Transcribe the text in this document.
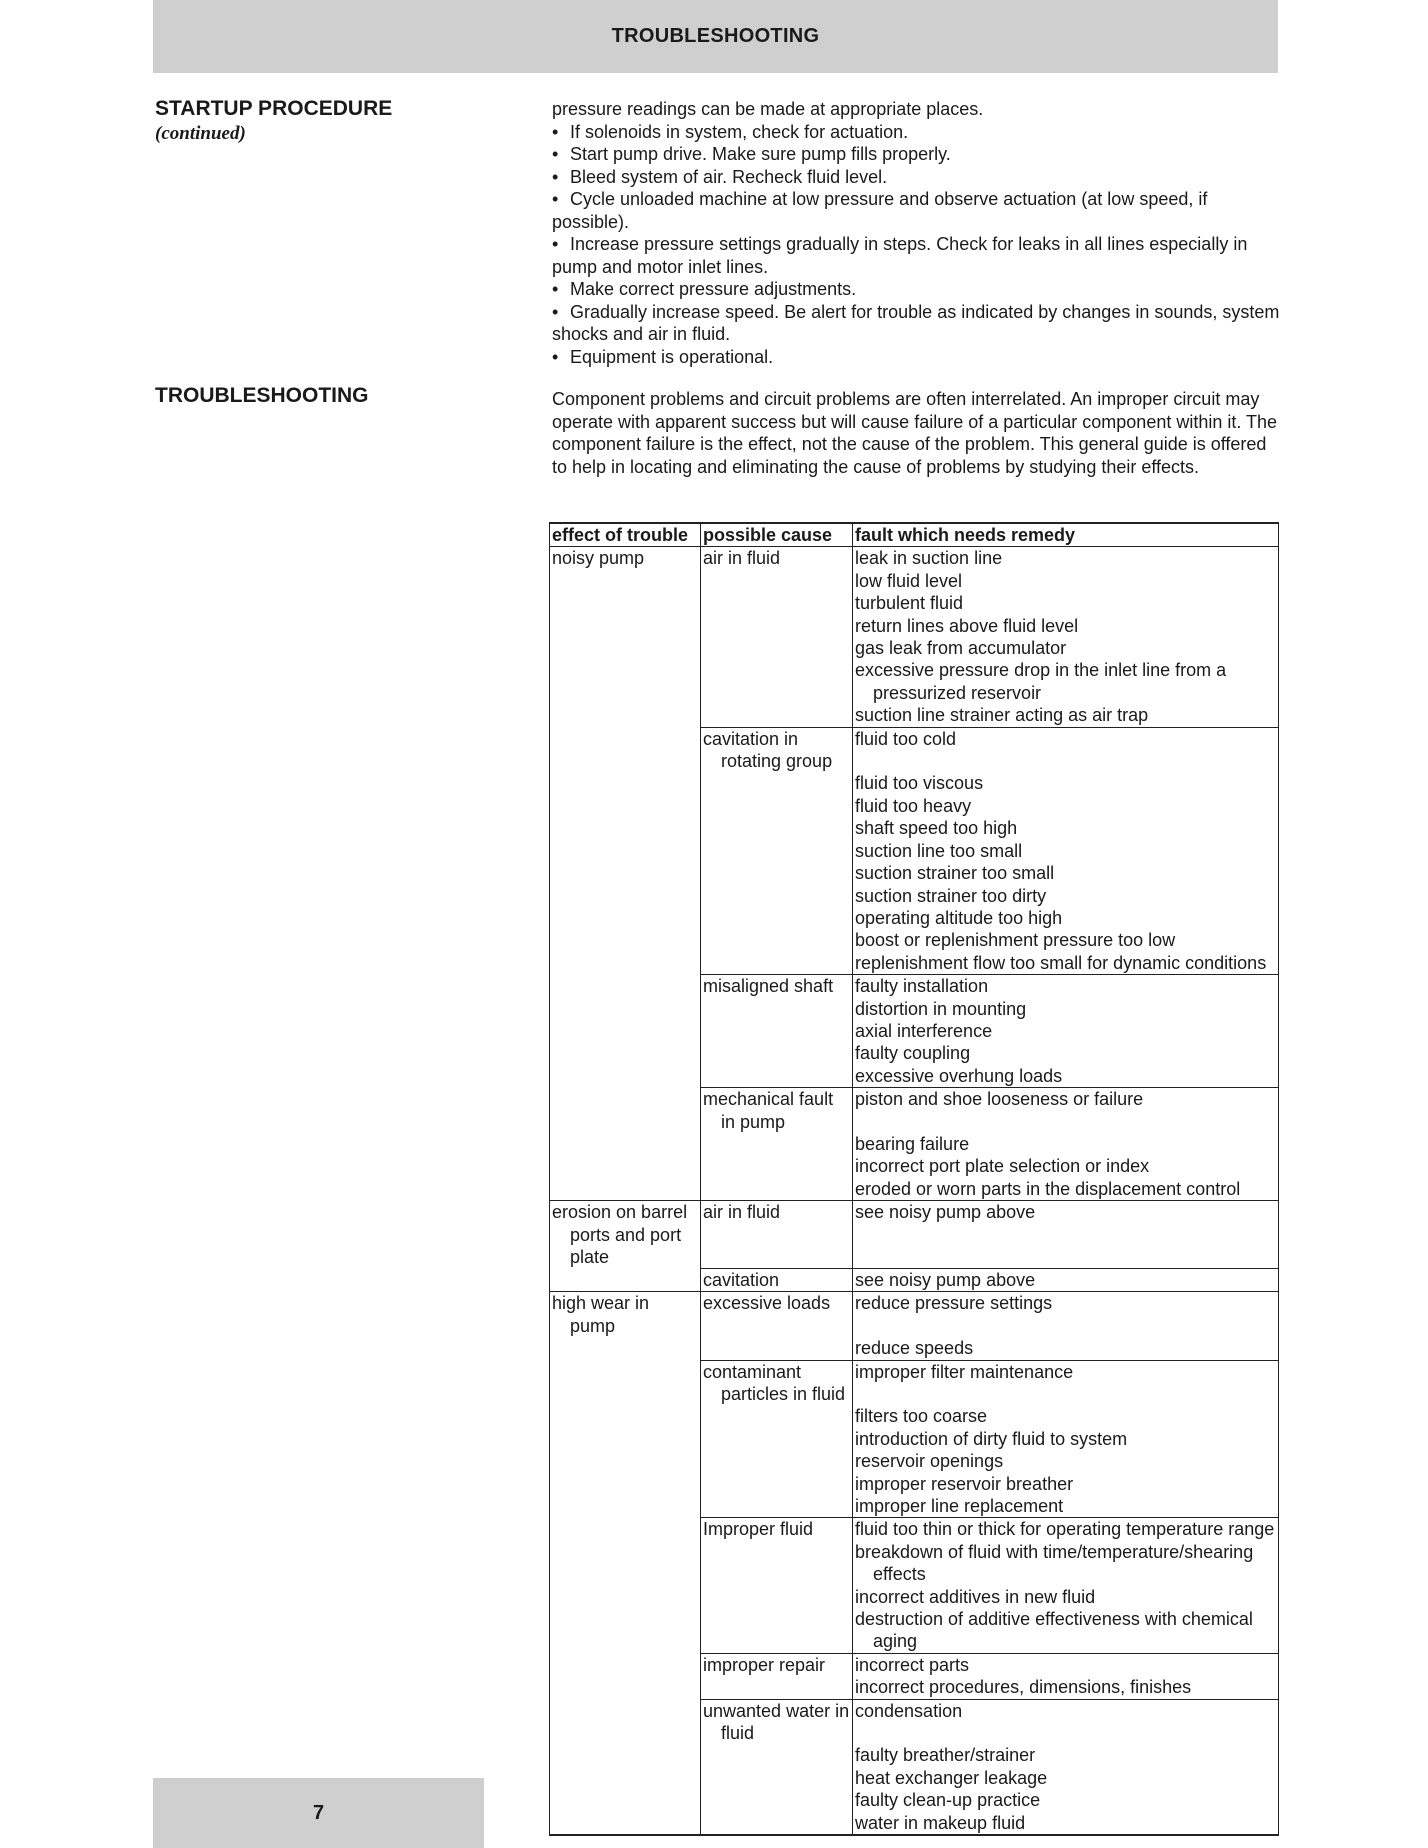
TROUBLESHOOTING
STARTUP PROCEDURE
(continued)

pressure readings can be made at appropriate places.

• If solenoids in system, check for actuation.
• Start pump drive. Make sure pump fills properly.
• Bleed system of air. Recheck fluid level.
• Cycle unloaded machine at low pressure and observe actuation (at low speed, if possible).
• Increase pressure settings gradually in steps. Check for leaks in all lines especially in pump and motor inlet lines.
• Make correct pressure adjustments.
• Gradually increase speed. Be alert for trouble as indicated by changes in sounds, system shocks and air in fluid.
• Equipment is operational.
TROUBLESHOOTING	Component problems and circuit problems are often interrelated. An improper circuit may operate with apparent success but will cause failure of a particular component within it. The component failure is the effect, not the cause of the problem. This general guide is offered to help in locating and eliminating the cause of problems by studying their effects.

effect of trouble	possible cause	fault which needs remedy

noisy pump	air in fluid	leak in suction line

		low fluid level

		turbulent fluid

		return lines above fluid level

		gas leak from accumulator

		excessive pressure drop in the inlet line from a pressurized reservoir

		suction line strainer acting as air trap

	cavitation in rotating group	fluid too cold

		fluid too viscous

		fluid too heavy

		shaft speed too high

		suction line too small

		suction strainer too small

		suction strainer too dirty

		operating altitude too high

		boost or replenishment pressure too low

		replenishment flow too small for dynamic conditions

	misaligned shaft	faulty installation

		distortion in mounting

		axial interference

		faulty coupling

		excessive overhung loads

	mechanical fault in pump	piston and shoe looseness or failure

		bearing failure

		incorrect port plate selection or index

		eroded or worn parts in the displacement control

erosion on barrel ports and port plate	air in fluid	see noisy pump above

	cavitation	see noisy pump above

high wear in pump	excessive loads	reduce pressure settings

		reduce speeds

	contaminant particles in fluid	improper filter maintenance

		filters too coarse

		introduction of dirty fluid to system

		reservoir openings

		improper reservoir breather

		improper line replacement

	Improper fluid	fluid too thin or thick for operating temperature range

		breakdown of fluid with time/temperature/shearing effects

		incorrect additives in new fluid

		destruction of additive effectiveness with chemical aging

	improper repair	incorrect parts

		incorrect procedures, dimensions, finishes

	unwanted water in fluid	condensation

		faulty breather/strainer

		heat exchanger leakage

		faulty clean-up practice

		water in makeup fluid
7
